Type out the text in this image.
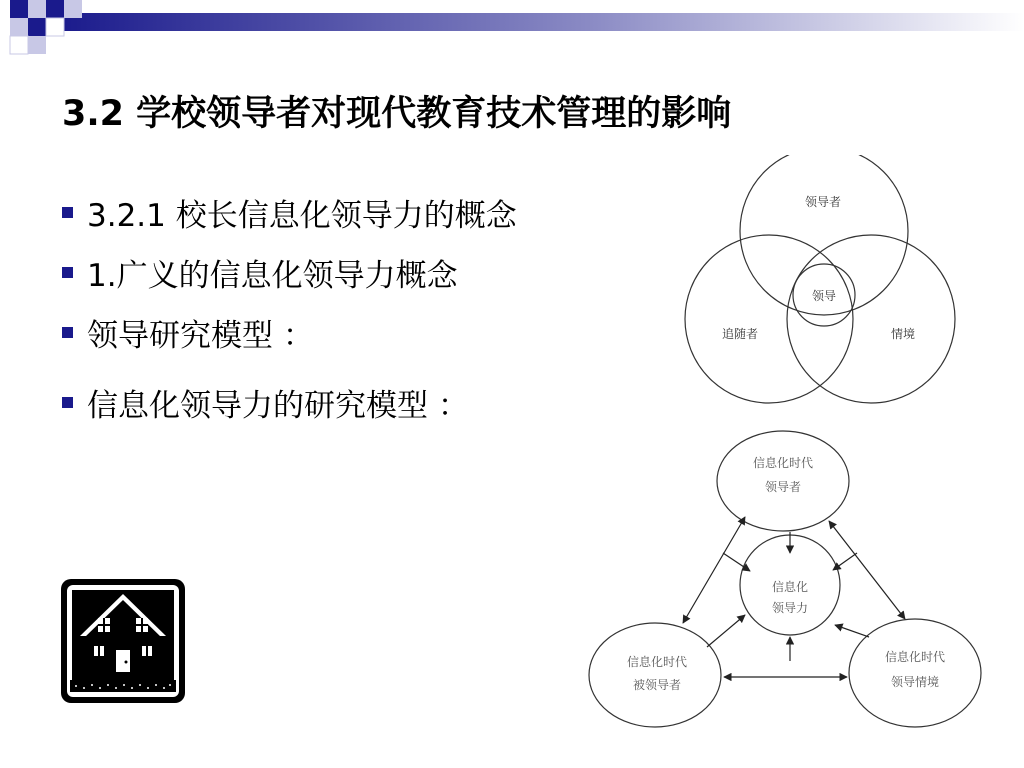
3.2 学校领导者对现代教育技术管理的影响
3.2.1 校长信息化领导力的概念
1.广义的信息化领导力概念
领导研究模型 ：
信息化领导力的研究模型 ：
领导者
领导
追随者	情境
信息化时代
领导者
信息化
领导力
信息化时代
被领导者
信息化时代
领导情境
